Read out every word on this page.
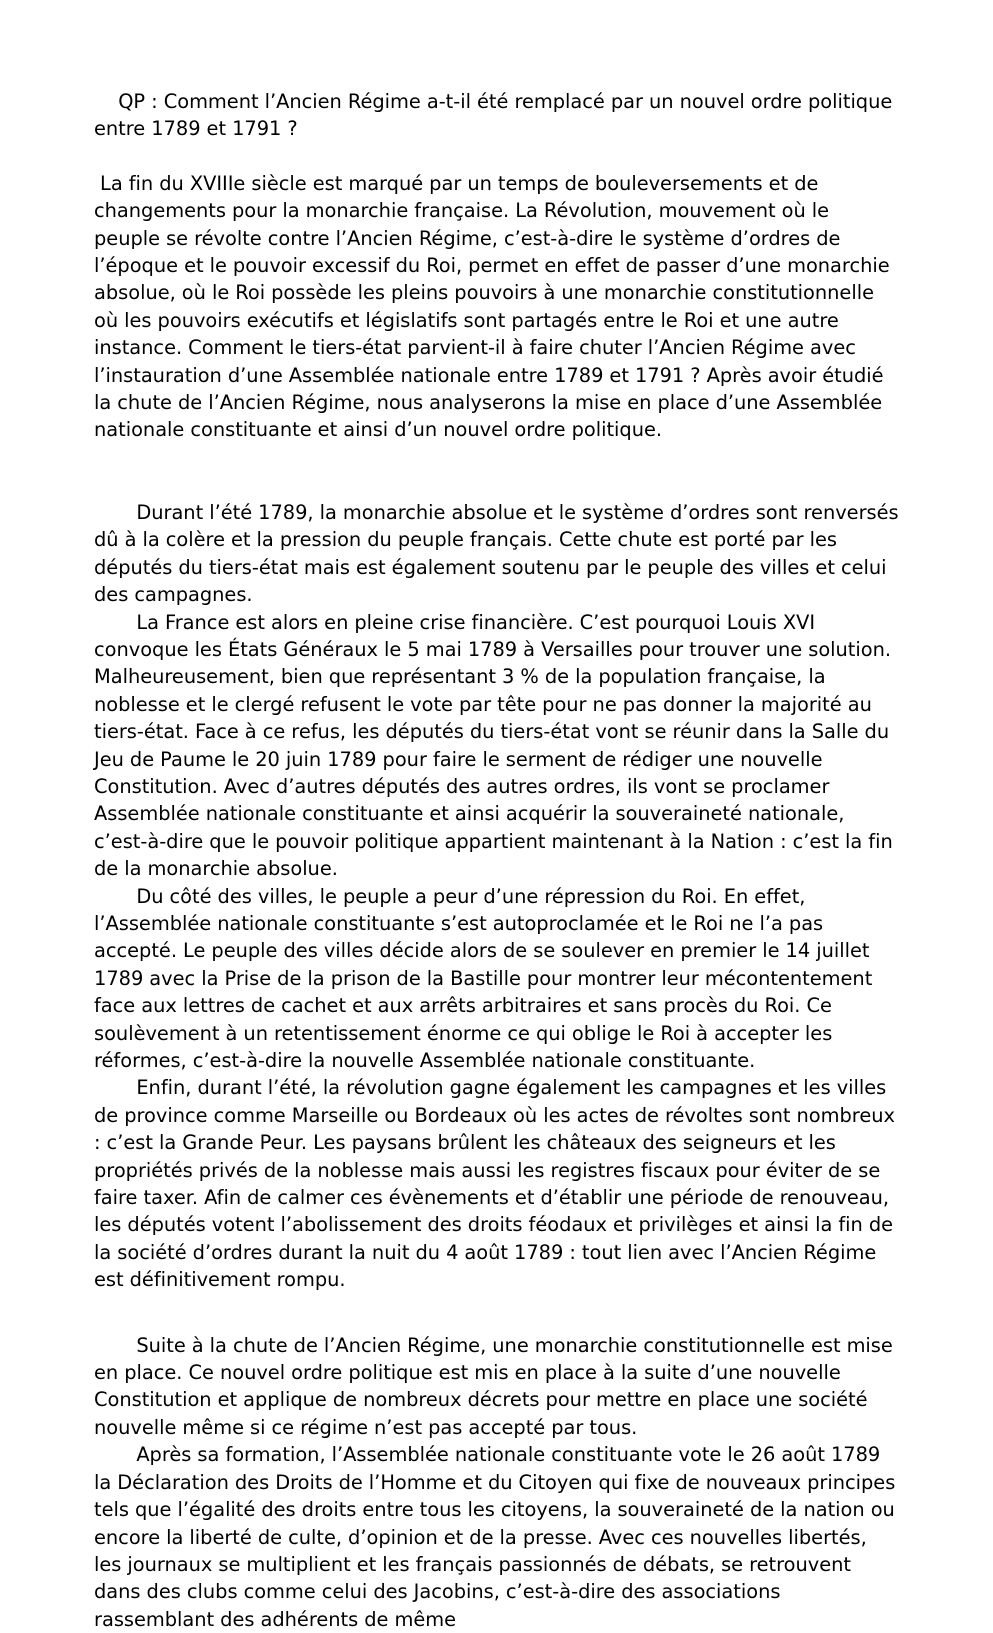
QP : Comment l’Ancien Régime a-t-il été remplacé par un nouvel ordre politique entre 1789 et 1791 ?

La fin du XVIIIe siècle est marqué par un temps de bouleversements et de changements pour la monarchie française. La Révolution, mouvement où le peuple se révolte contre l’Ancien Régime, c’est-à-dire le système d’ordres de l’époque et le pouvoir excessif du Roi, permet en effet de passer d’une monarchie absolue, où le Roi possède les pleins pouvoirs à une monarchie constitutionnelle où les pouvoirs exécutifs et législatifs sont partagés entre le Roi et une autre instance. Comment le tiers-état parvient-il à faire chuter l’Ancien Régime avec l’instauration d’une Assemblée nationale entre 1789 et 1791 ? Après avoir étudié la chute de l’Ancien Régime, nous analyserons la mise en place d’une Assemblée nationale constituante et ainsi d’un nouvel ordre politique.

Durant l’été 1789, la monarchie absolue et le système d’ordres sont renversés dû à la colère et la pression du peuple français. Cette chute est porté par les députés du tiers-état mais est également soutenu par le peuple des villes et celui des campagnes.

La France est alors en pleine crise financière. C’est pourquoi Louis XVI convoque les États Généraux le 5 mai 1789 à Versailles pour trouver une solution. Malheureusement, bien que représentant 3 % de la population française, la noblesse et le clergé refusent le vote par tête pour ne pas donner la majorité au tiers-état. Face à ce refus, les députés du tiers-état vont se réunir dans la Salle du Jeu de Paume le 20 juin 1789 pour faire le serment de rédiger une nouvelle Constitution. Avec d’autres députés des autres ordres, ils vont se proclamer Assemblée nationale constituante et ainsi acquérir la souveraineté nationale, c’est-à-dire que le pouvoir politique appartient maintenant à la Nation : c’est la fin de la monarchie absolue.

Du côté des villes, le peuple a peur d’une répression du Roi. En effet, l’Assemblée nationale constituante s’est autoproclamée et le Roi ne l’a pas accepté. Le peuple des villes décide alors de se soulever en premier le 14 juillet 1789 avec la Prise de la prison de la Bastille pour montrer leur mécontentement face aux lettres de cachet et aux arrêts arbitraires et sans procès du Roi. Ce soulèvement à un retentissement énorme ce qui oblige le Roi à accepter les réformes, c’est-à-dire la nouvelle Assemblée nationale constituante.

Enfin, durant l’été, la révolution gagne également les campagnes et les villes de province comme Marseille ou Bordeaux où les actes de révoltes sont nombreux : c’est la Grande Peur. Les paysans brûlent les châteaux des seigneurs et les propriétés privés de la noblesse mais aussi les registres fiscaux pour éviter de se faire taxer. Afin de calmer ces évènements et d’établir une période de renouveau, les députés votent l’abolissement des droits féodaux et privilèges et ainsi la fin de la société d’ordres durant la nuit du 4 août 1789 : tout lien avec l’Ancien Régime est définitivement rompu.

Suite à la chute de l’Ancien Régime, une monarchie constitutionnelle est mise en place. Ce nouvel ordre politique est mis en place à la suite d’une nouvelle Constitution et applique de nombreux décrets pour mettre en place une société nouvelle même si ce régime n’est pas accepté par tous.

Après sa formation, l’Assemblée nationale constituante vote le 26 août 1789 la Déclaration des Droits de l’Homme et du Citoyen qui fixe de nouveaux principes tels que l’égalité des droits entre tous les citoyens, la souveraineté de la nation ou encore la liberté de culte, d’opinion et de la presse. Avec ces nouvelles libertés, les journaux se multiplient et les français passionnés de débats, se retrouvent dans des clubs comme celui des Jacobins, c’est-à-dire des associations rassemblant des adhérents de même
